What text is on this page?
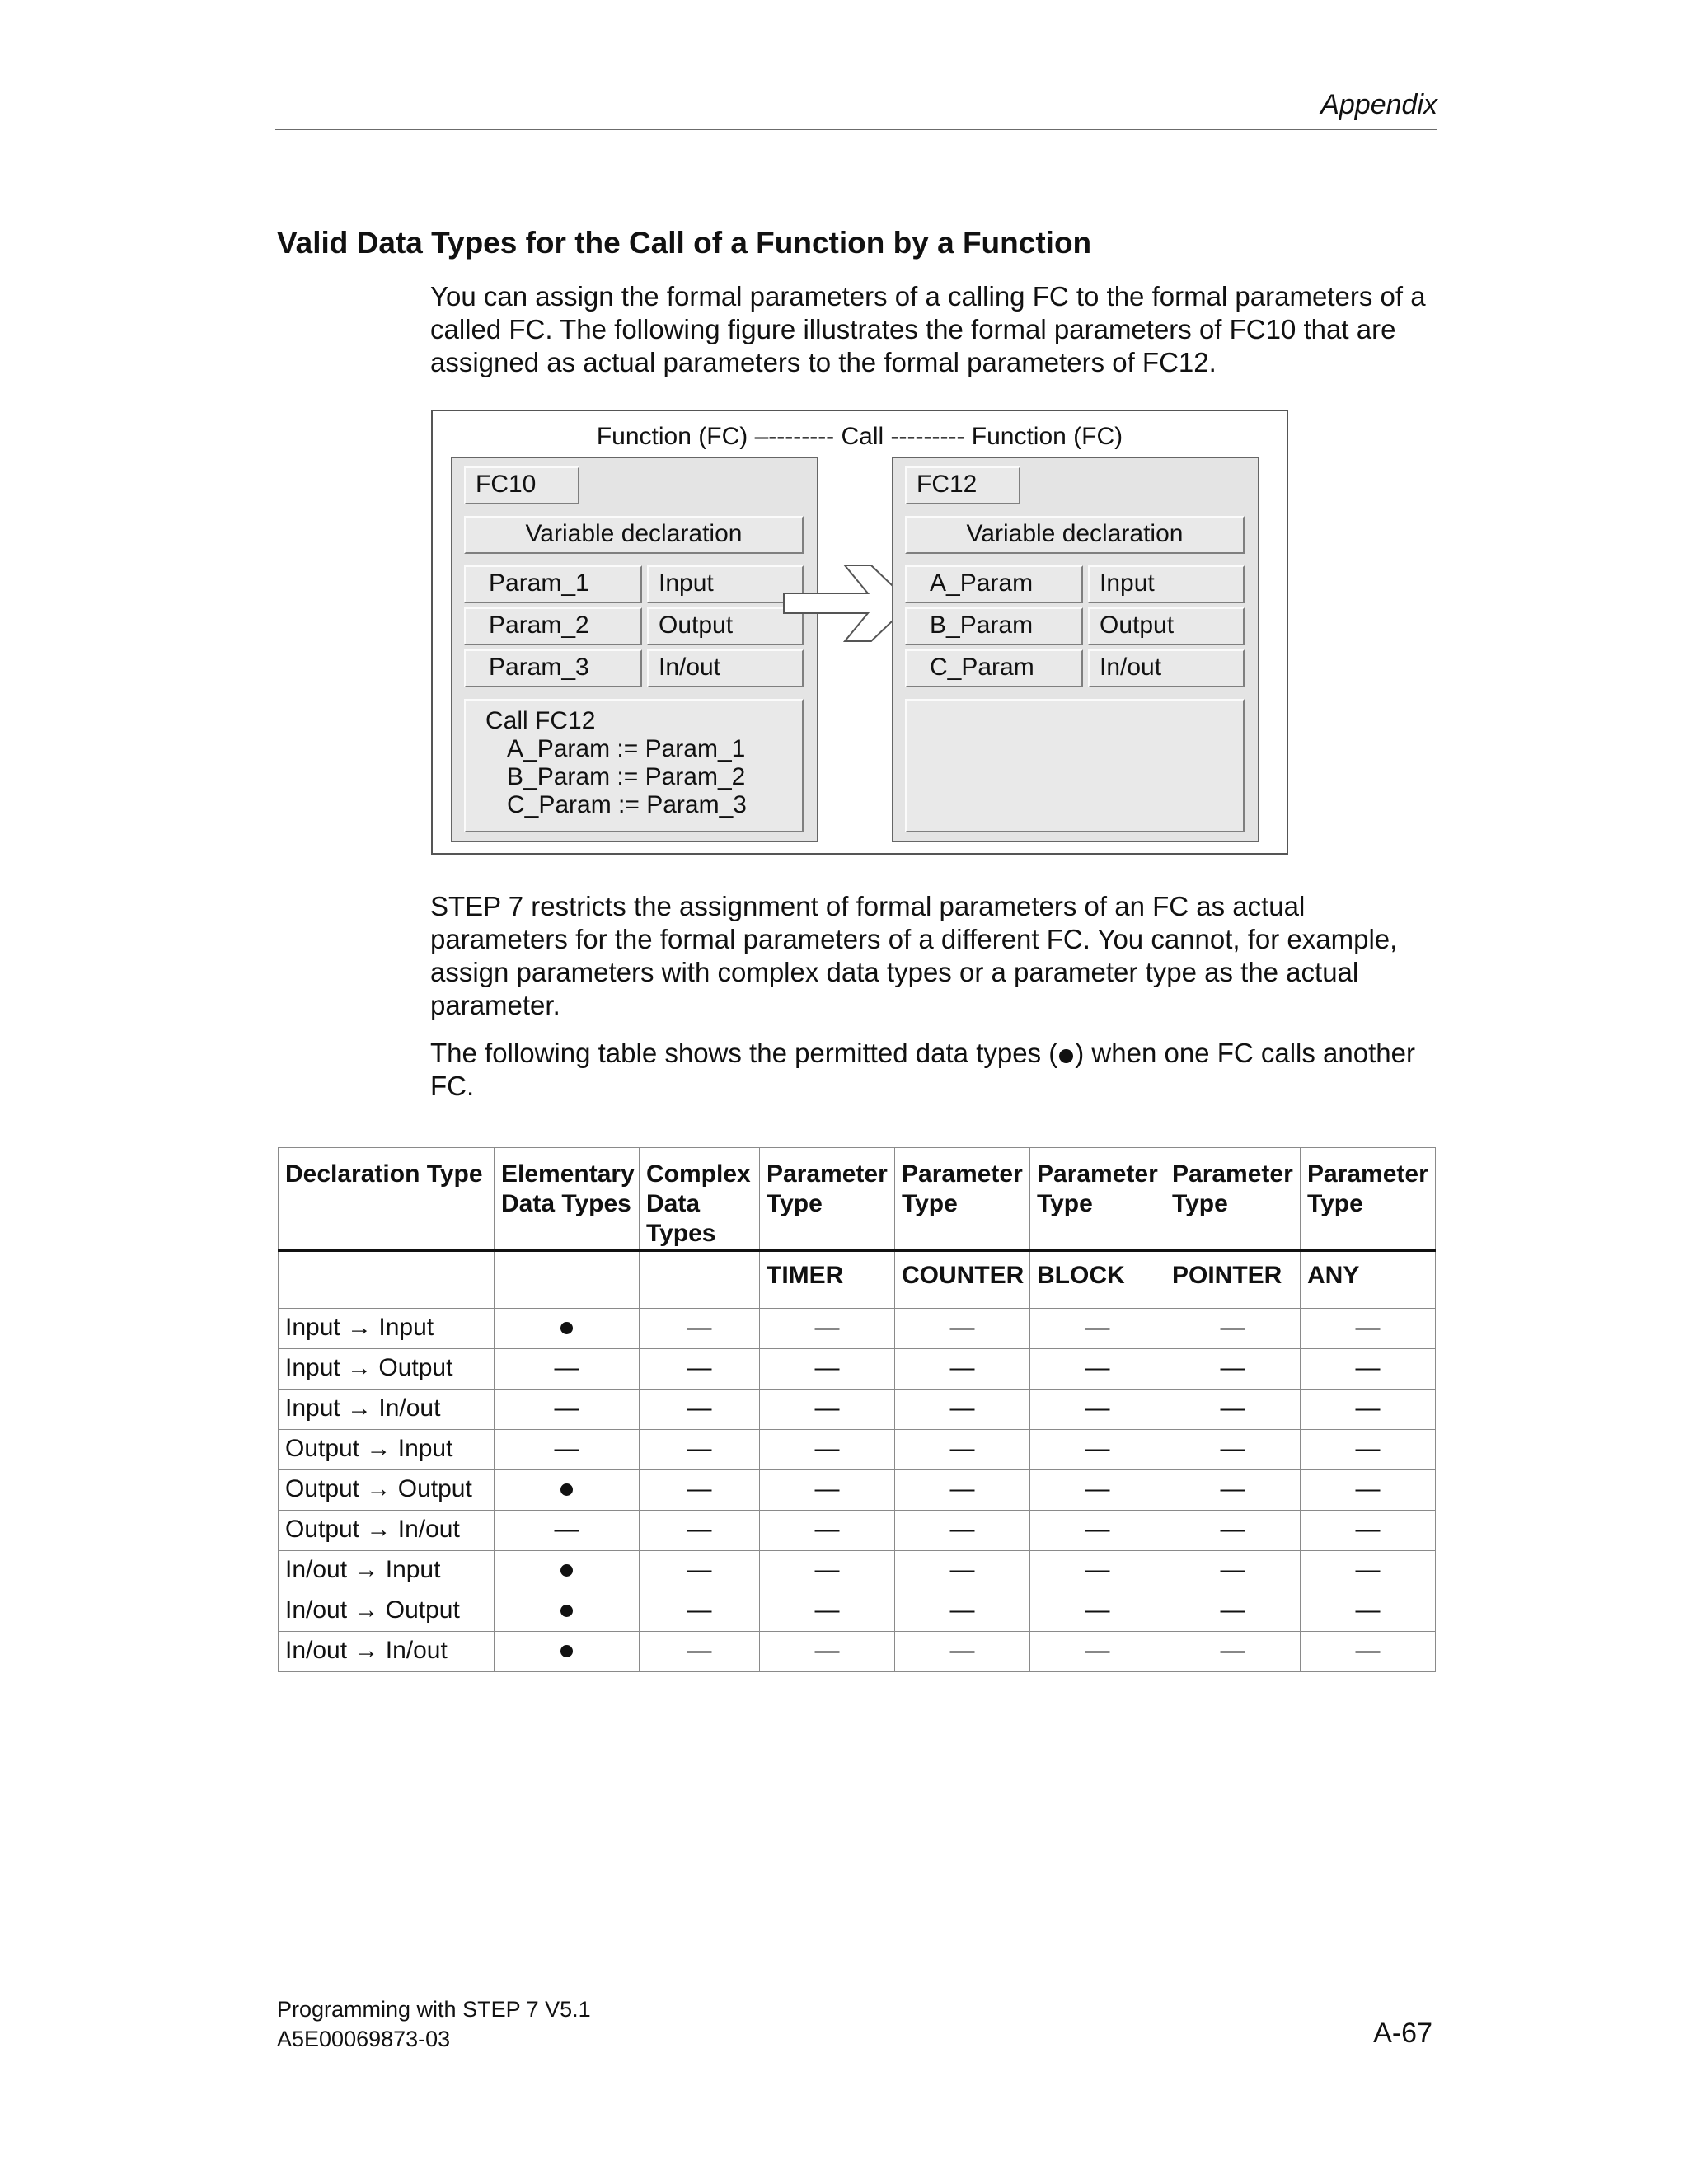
Appendix
Valid Data Types for the Call of a Function by a Function

You can assign the formal parameters of a calling FC to the formal parameters of a called FC. The following figure illustrates the formal parameters of FC10 that are assigned as actual parameters to the formal parameters of FC12.

Function (FC) –-------- Call --------- Function (FC)
FC10
Variable declaration
Param_1	Input
Param_2	Output
Param_3	In/out
Call FC12
A_Param := Param_1
B_Param := Param_2
C_Param := Param_3
FC12
Variable declaration
A_Param	Input
B_Param	Output
C_Param	In/out

STEP 7 restricts the assignment of formal parameters of an FC as actual parameters for the formal parameters of a different FC. You cannot, for example, assign parameters with complex data types or a parameter type as the actual parameter.

The following table shows the permitted data types ( ) when one FC calls another FC.

Declaration Type	Elementary Data Types	Complex Data Types	Parameter Type	Parameter Type	Parameter Type	Parameter Type	Parameter Type
			TIMER	COUNTER	BLOCK	POINTER	ANY
Input → Input		—	—	—	—	—	—
Input → Output	—	—	—	—	—	—	—
Input → In/out	—	—	—	—	—	—	—
Output → Input	—	—	—	—	—	—	—
Output → Output		—	—	—	—	—	—
Output → In/out	—	—	—	—	—	—	—
In/out → Input		—	—	—	—	—	—
In/out → Output		—	—	—	—	—	—
In/out → In/out		—	—	—	—	—	—
Programming with STEP 7 V5.1
A5E00069873-03	A-67
